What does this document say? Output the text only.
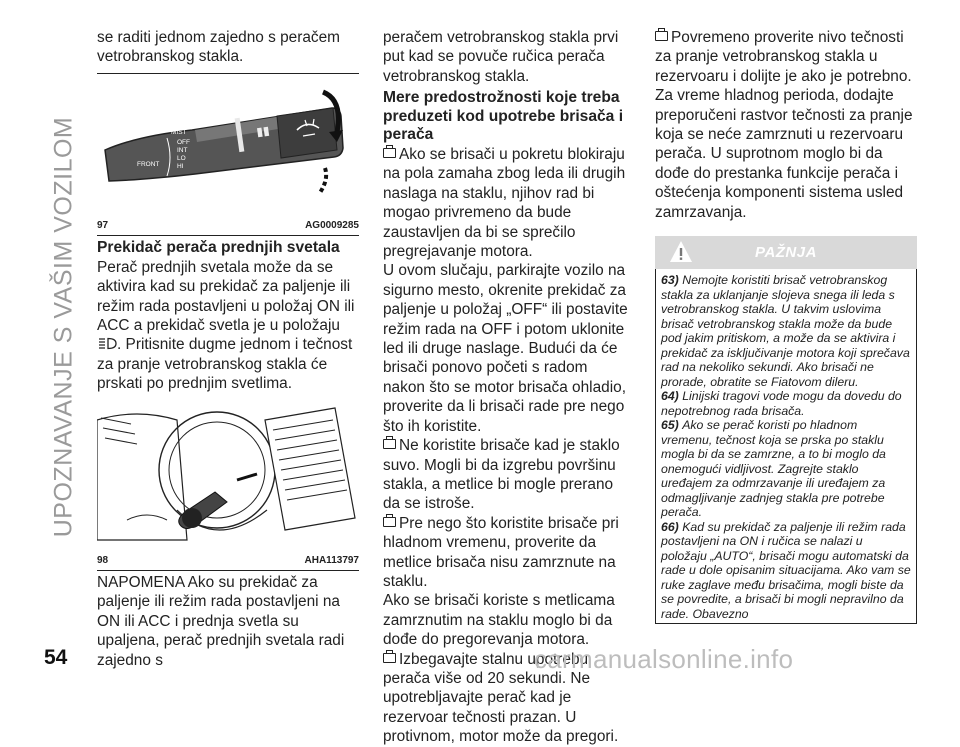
UPOZNAVANJE S VAŠIM VOZILOM

se raditi jednom zajedno s peračem vetrobranskog stakla.

▮▮
MIST
OFF
INT
LO
HI
FRONT
97	AG0009285

Prekidač perača prednjih svetala

Perač prednjih svetala može da se aktivira kad su prekidač za paljenje ili režim rada postavljeni u položaj ON ili ACC a prekidač svetla je u položaju . Pritisnite dugme jednom i tečnost za pranje vetrobranskog stakla će prskati po prednjim svetlima.

98	AHA113797

NAPOMENA Ako su prekidač za paljenje ili režim rada postavljeni na ON ili ACC i prednja svetla su upaljena, perač prednjih svetala radi zajedno s

peračem vetrobranskog stakla prvi put kad se povuče ručica perača vetrobranskog stakla.

Mere predostrožnosti koje treba preduzeti kod upotrebe brisača i perača

Ako se brisači u pokretu blokiraju na pola zamaha zbog leda ili drugih naslaga na staklu, njihov rad bi mogao privremeno da bude zaustavljen da bi se sprečilo pregrejavanje motora.

U ovom slučaju, parkirajte vozilo na sigurno mesto, okrenite prekidač za paljenje u položaj „OFF“ ili postavite režim rada na OFF i potom uklonite led ili druge naslage. Budući da će brisači ponovo početi s radom nakon što se motor brisača ohladio, proverite da li brisači rade pre nego što ih koristite.

Ne koristite brisače kad je staklo suvo. Mogli bi da izgrebu površinu stakla, a metlice bi mogle prerano da se istroše.

Pre nego što koristite brisače pri hladnom vremenu, proverite da metlice brisača nisu zamrznute na staklu.

Ako se brisači koriste s metlicama zamrznutim na staklu moglo bi da dođe do pregorevanja motora.

Izbegavajte stalnu upotrebu perača više od 20 sekundi. Ne upotrebljavajte perač kad je rezervoar tečnosti prazan. U protivnom, motor može da pregori.

Povremeno proverite nivo tečnosti za pranje vetrobranskog stakla u rezervoaru i dolijte je ako je potrebno. Za vreme hladnog perioda, dodajte preporučeni rastvor tečnosti za pranje koja se neće zamrznuti u rezervoaru perača. U suprotnom moglo bi da dođe do prestanka funkcije perača i oštećenja komponenti sistema usled zamrzavanja.

PAŽNJA

63) Nemojte koristiti brisač vetrobranskog stakla za uklanjanje slojeva snega ili leda s vetrobranskog stakla. U takvim uslovima brisač vetrobranskog stakla može da bude pod jakim pritiskom, a može da se aktivira i prekidač za isključivanje motora koji sprečava rad na nekoliko sekundi. Ako brisači ne prorade, obratite se Fiatovom dileru.

64) Linijski tragovi vode mogu da dovedu do nepotrebnog rada brisača.

65) Ako se perač koristi po hladnom vremenu, tečnost koja se prska po staklu mogla bi da se zamrzne, a to bi moglo da onemogući vidljivost. Zagrejte staklo uređajem za odmrzavanje ili uređajem za odmagljivanje zadnjeg stakla pre potrebe perača.

66) Kad su prekidač za paljenje ili režim rada postavljeni na ON i ručica se nalazi u položaju „AUTO“, brisači mogu automatski da rade u dole opisanim situacijama. Ako vam se ruke zaglave među brisačima, mogli biste da se povredite, a brisači bi mogli nepravilno da rade. Obavezno

54	carmanualsonline.info
